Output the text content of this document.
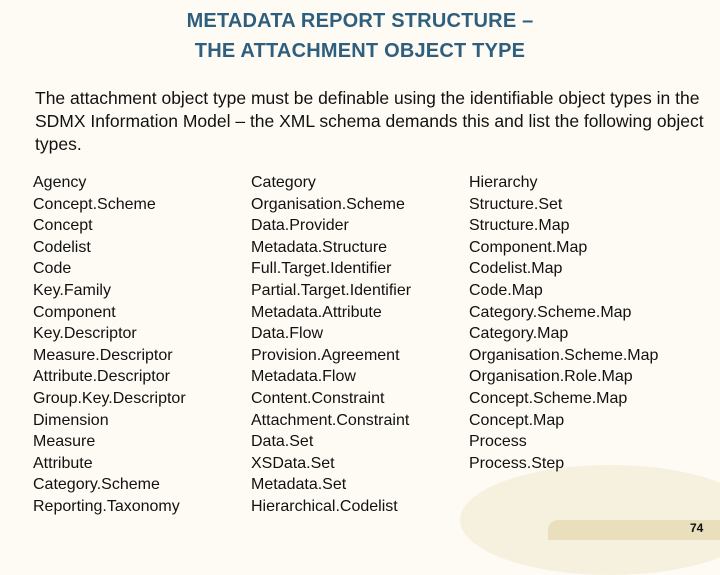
METADATA REPORT STRUCTURE –
THE ATTACHMENT OBJECT TYPE

The attachment object type must be definable using the identifiable object types in the SDMX Information Model – the XML schema demands this and list the following object types.

Agency
Concept.Scheme
Concept
Codelist
Code
Key.Family
Component
Key.Descriptor
Measure.Descriptor
Attribute.Descriptor
Group.Key.Descriptor
Dimension
Measure
Attribute
Category.Scheme
Reporting.Taxonomy
Category
Organisation.Scheme
Data.Provider
Metadata.Structure
Full.Target.Identifier
Partial.Target.Identifier
Metadata.Attribute
Data.Flow
Provision.Agreement
Metadata.Flow
Content.Constraint
Attachment.Constraint
Data.Set
XSData.Set
Metadata.Set
Hierarchical.Codelist
Hierarchy
Structure.Set
Structure.Map
Component.Map
Codelist.Map
Code.Map
Category.Scheme.Map
Category.Map
Organisation.Scheme.Map
Organisation.Role.Map
Concept.Scheme.Map
Concept.Map
Process
Process.Step
74
